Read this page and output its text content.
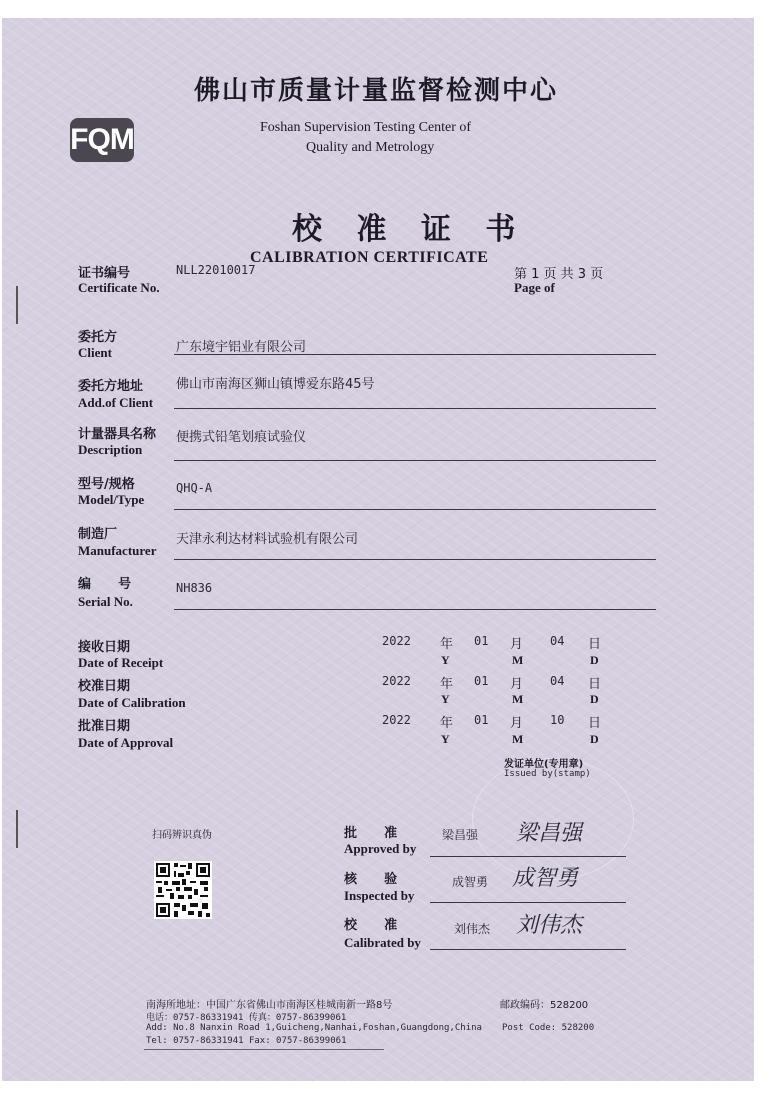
FQM
佛山市质量计量监督检测中心
Foshan Supervision Testing Center of
Quality and Metrology
校 准 证 书
CALIBRATION CERTIFICATE
第 1 页 共 3 页
Page of
证书编号
Certificate No.
NLL22010017
委托方
Client	广东境宇铝业有限公司
委托方地址
Add.of Client
佛山市南海区狮山镇博爱东路45号
计量器具名称
Description
便携式铅笔划痕试验仪
型号/规格
Model/Type
QHQ-A
制造厂
Manufacturer
天津永利达材料试验机有限公司
编      号
Serial No.
NH836
接收日期
Date of Receipt
2022 年 01 月 04 日
Y	M	D
校准日期
Date of Calibration
2022 年 01 月 04 日
Y	M	D
批准日期
Date of Approval
2022 年 01 月 10 日
Y	M	D
发证单位(专用章)
Issued by(stamp)
扫码辨识真伪	批      准
Approved by
梁昌强 梁昌强
核      验
Inspected by
成智勇 成智勇
校      准
Calibrated by
刘伟杰 刘伟杰
南海所地址：中国广东省佛山市南海区桂城南新一路8号	邮政编码：528200
电话：0757-86331941 传真：0757-86399061
Add: No.8 Nanxin Road 1,Guicheng,Nanhai,Foshan,Guangdong,China Post Code: 528200
Tel: 0757-86331941 Fax: 0757-86399061
